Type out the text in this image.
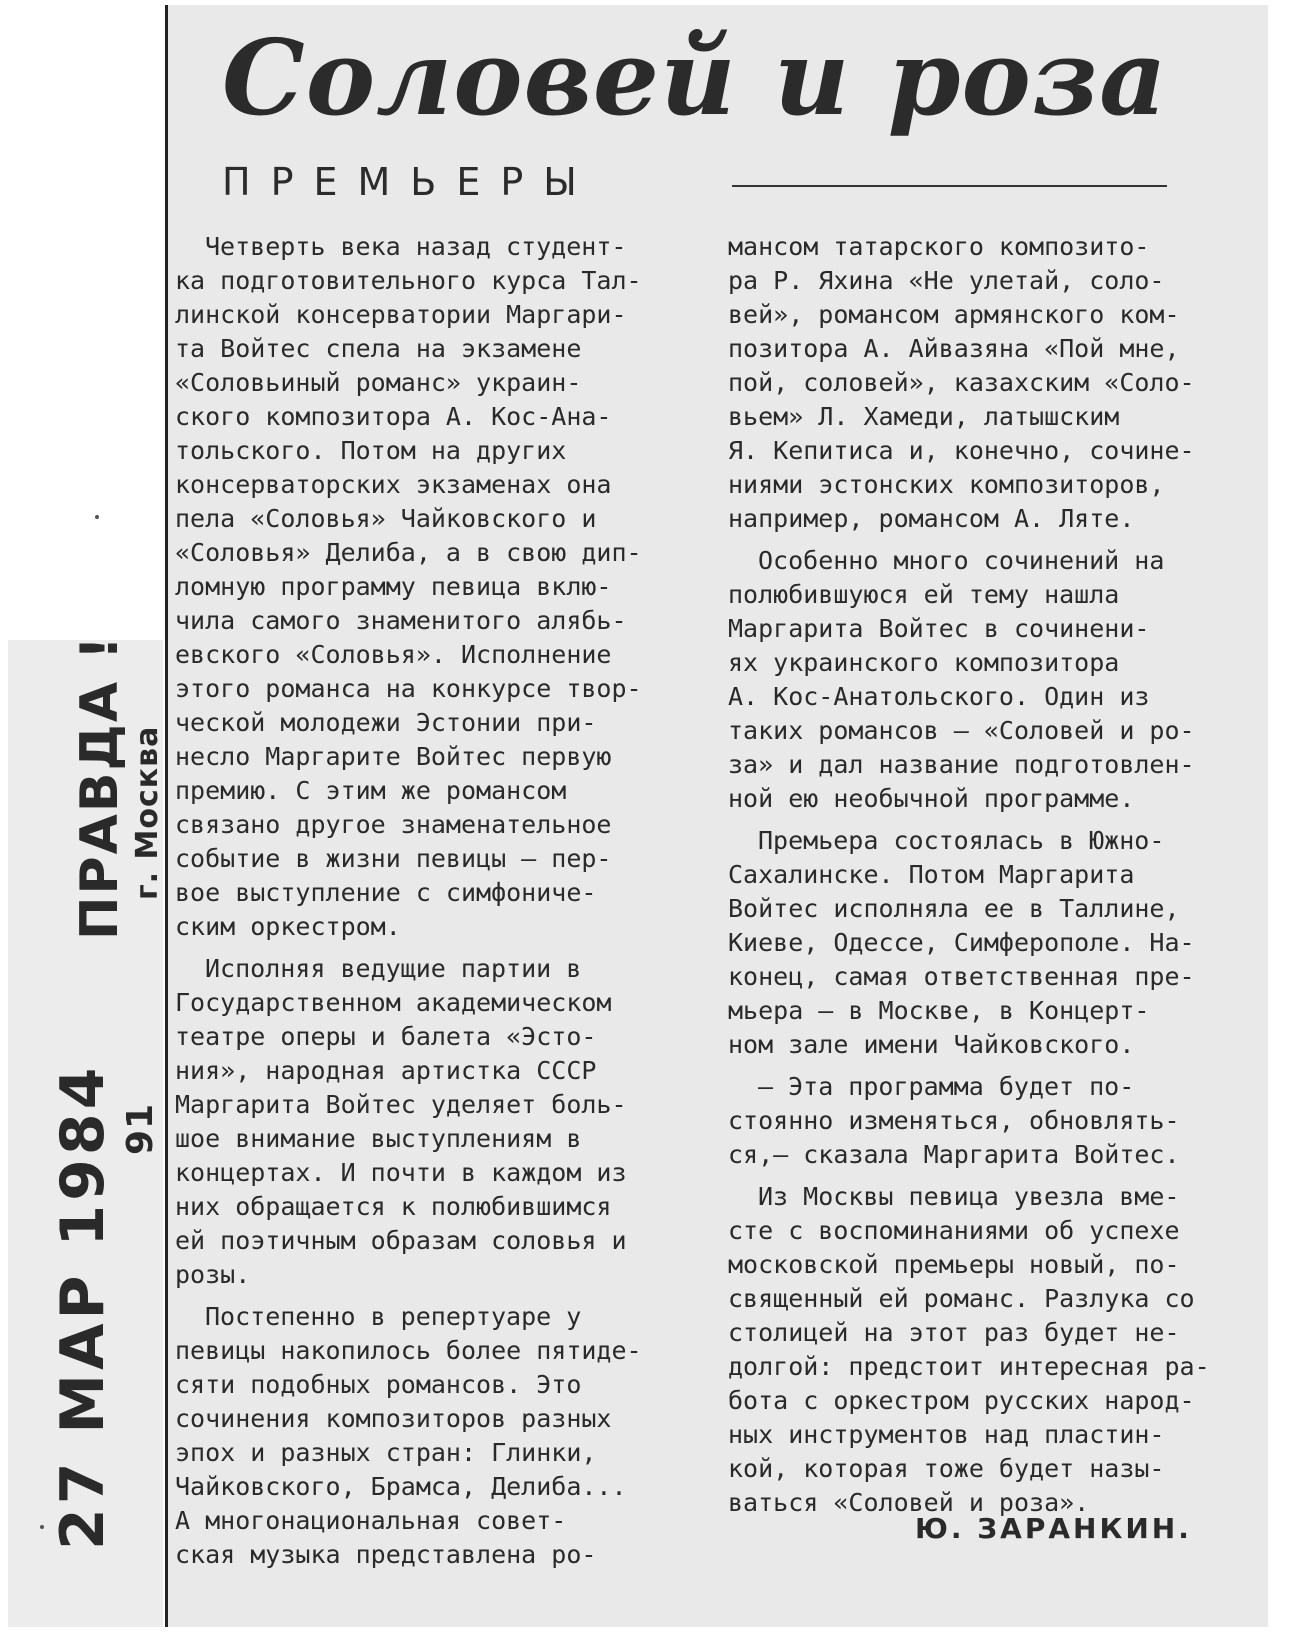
ПРАВДА ! г. Москва
27 МАР 1984 91
Соловей и роза
ПРЕМЬЕРЫ

Четверть века назад студент-
ка подготовительного курса Тал-
линской консерватории Маргари-
та Войтес спела на экзамене
«Соловьиный романс» украин-
ского композитора А. Кос-Ана-
тольского. Потом на других
консерваторских экзаменах она
пела «Соловья» Чайковского и
«Соловья» Делиба, а в свою дип-
ломную программу певица вклю-
чила самого знаменитого алябь-
евского «Соловья». Исполнение
этого романса на конкурсе твор-
ческой молодежи Эстонии при-
несло Маргарите Войтес первую
премию. С этим же романсом
связано другое знаменательное
событие в жизни певицы — пер-
вое выступление с симфониче-
ским оркестром.

Исполняя ведущие партии в
Государственном академическом
театре оперы и балета «Эсто-
ния», народная артистка СССР
Маргарита Войтес уделяет боль-
шое внимание выступлениям в
концертах. И почти в каждом из
них обращается к полюбившимся
ей поэтичным образам соловья и
розы.

Постепенно в репертуаре у
певицы накопилось более пятиде-
сяти подобных романсов. Это
сочинения композиторов разных
эпох и разных стран: Глинки,
Чайковского, Брамса, Делиба...
А многонациональная совет-
ская музыка представлена ро-

мансом татарского композито-
ра Р. Яхина «Не улетай, соло-
вей», романсом армянского ком-
позитора А. Айвазяна «Пой мне,
пой, соловей», казахским «Соло-
вьем» Л. Хамеди, латышским
Я. Кепитиса и, конечно, сочине-
ниями эстонских композиторов,
например, романсом А. Ляте.

Особенно много сочинений на
полюбившуюся ей тему нашла
Маргарита Войтес в сочинени-
ях украинского композитора
А. Кос-Анатольского. Один из
таких романсов — «Соловей и ро-
за» и дал название подготовлен-
ной ею необычной программе.

Премьера состоялась в Южно-
Сахалинске. Потом Маргарита
Войтес исполняла ее в Таллине,
Киеве, Одессе, Симферополе. На-
конец, самая ответственная пре-
мьера — в Москве, в Концерт-
ном зале имени Чайковского.

— Эта программа будет по-
стоянно изменяться, обновлять-
ся,— сказала Маргарита Войтес.

Из Москвы певица увезла вме-
сте с воспоминаниями об успехе
московской премьеры новый, по-
священный ей романс. Разлука со
столицей на этот раз будет не-
долгой: предстоит интересная ра-
бота с оркестром русских народ-
ных инструментов над пластин-
кой, которая тоже будет назы-
ваться «Соловей и роза».

Ю. ЗАРАНКИН.
